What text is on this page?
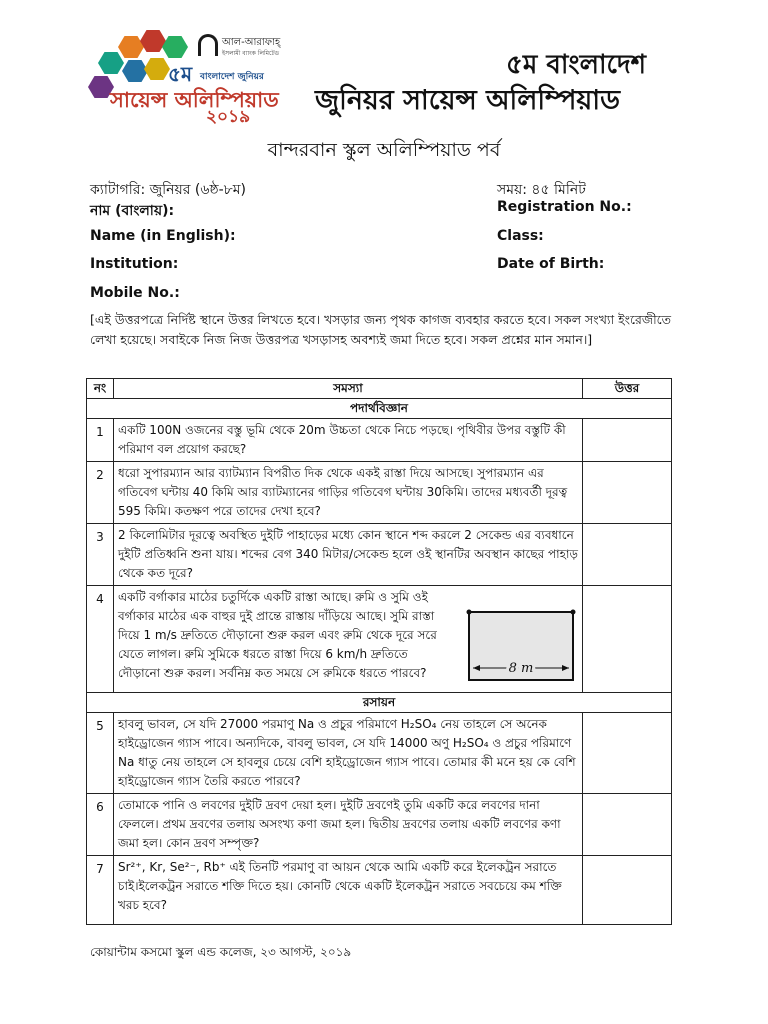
৫ম বাংলাদেশ জুনিয়র
সায়েন্স অলিম্পিয়াড
২০১৯
আল-আরাফাহ্
ইসলামী ব্যাংক লিমিটেড	৫ম বাংলাদেশ
জুনিয়র সায়েন্স অলিম্পিয়াড
বান্দরবান স্কুল অলিম্পিয়াড পর্ব
ক্যাটাগরি: জুনিয়র (৬ষ্ঠ-৮ম)	সময়: ৪৫ মিনিট
নাম (বাংলায়):	Registration No.:
Name (in English):	Class:
Institution:	Date of Birth:
Mobile No.:
[এই উত্তরপত্রে নির্দিষ্ট স্থানে উত্তর লিখতে হবে। খসড়ার জন্য পৃথক কাগজ ব্যবহার করতে হবে। সকল সংখ্যা ইংরেজীতে লেখা হয়েছে। সবাইকে নিজ নিজ উত্তরপত্র খসড়াসহ অবশ্যই জমা দিতে হবে। সকল প্রশ্নের মান সমান।]
নং	সমস্যা	উত্তর
পদার্থবিজ্ঞান		
1	একটি 100N ওজনের বস্তু ভূমি থেকে 20m উচ্চতা থেকে নিচে পড়ছে। পৃথিবীর উপর বস্তুটি কী পরিমাণ বল প্রয়োগ করছে?	
2	ধরো সুপারম্যান আর ব্যাটম্যান বিপরীত দিক থেকে একই রাস্তা দিয়ে আসছে। সুপারম্যান এর গতিবেগ ঘন্টায় 40 কিমি আর ব্যাটম্যানের গাড়ির গতিবেগ ঘন্টায় 30কিমি। তাদের মধ্যবর্তী দূরত্ব 595 কিমি। কতক্ষণ পরে তাদের দেখা হবে?	
3	2 কিলোমিটার দূরত্বে অবস্থিত দুইটি পাহাড়ের মধ্যে কোন স্থানে শব্দ করলে 2 সেকেন্ড এর ব্যবধানে দুইটি প্রতিধ্বনি শুনা যায়। শব্দের বেগ 340 মিটার/সেকেন্ড হলে ওই স্থানটির অবস্থান কাছের পাহাড় থেকে কত দূরে?	
4	একটি বর্গাকার মাঠের চতুর্দিকে একটি রাস্তা আছে। রুমি ও সুমি ওই বর্গাকার মাঠের এক বাহুর দুই প্রান্তে রাস্তায় দাঁড়িয়ে আছে। সুমি রাস্তা দিয়ে 1 m/s দ্রুতিতে দৌড়ানো শুরু করল এবং রুমি থেকে দূরে সরে যেতে লাগল। রুমি সুমিকে ধরতে রাস্তা দিয়ে 6 km/h দ্রুতিতে দৌড়ানো শুরু করল। সর্বনিম্ন কত সময়ে সে রুমিকে ধরতে পারবে? 8 m	

রসায়ন		
5	হাবলু ভাবল, সে যদি 27000 পরমাণু Na ও প্রচুর পরিমাণে H₂SO₄ নেয় তাহলে সে অনেক হাইড্রোজেন গ্যাস পাবে। অন্যদিকে, বাবলু ভাবল, সে যদি 14000 অণু H₂SO₄ ও প্রচুর পরিমাণে Na ধাতু নেয় তাহলে সে হাবলুর চেয়ে বেশি হাইড্রোজেন গ্যাস পাবে। তোমার কী মনে হয় কে বেশি হাইড্রোজেন গ্যাস তৈরি করতে পারবে?	
6	তোমাকে পানি ও লবণের দুইটি দ্রবণ দেয়া হল। দুইটি দ্রবণেই তুমি একটি করে লবণের দানা ফেললে। প্রথম দ্রবণের তলায় অসংখ্য কণা জমা হল। দ্বিতীয় দ্রবণের তলায় একটি লবণের কণা জমা হল। কোন দ্রবণ সম্পৃক্ত?	
7	Sr²⁺, Kr, Se²⁻, Rb⁺ এই তিনটি পরমাণু বা আয়ন থেকে আমি একটি করে ইলেকট্রন সরাতে চাই।ইলেকট্রন সরাতে শক্তি দিতে হয়। কোনটি থেকে একটি ইলেকট্রন সরাতে সবচেয়ে কম শক্তি খরচ হবে?	
কোয়ান্টাম কসমো স্কুল এন্ড কলেজ, ২৩ আগস্ট, ২০১৯
